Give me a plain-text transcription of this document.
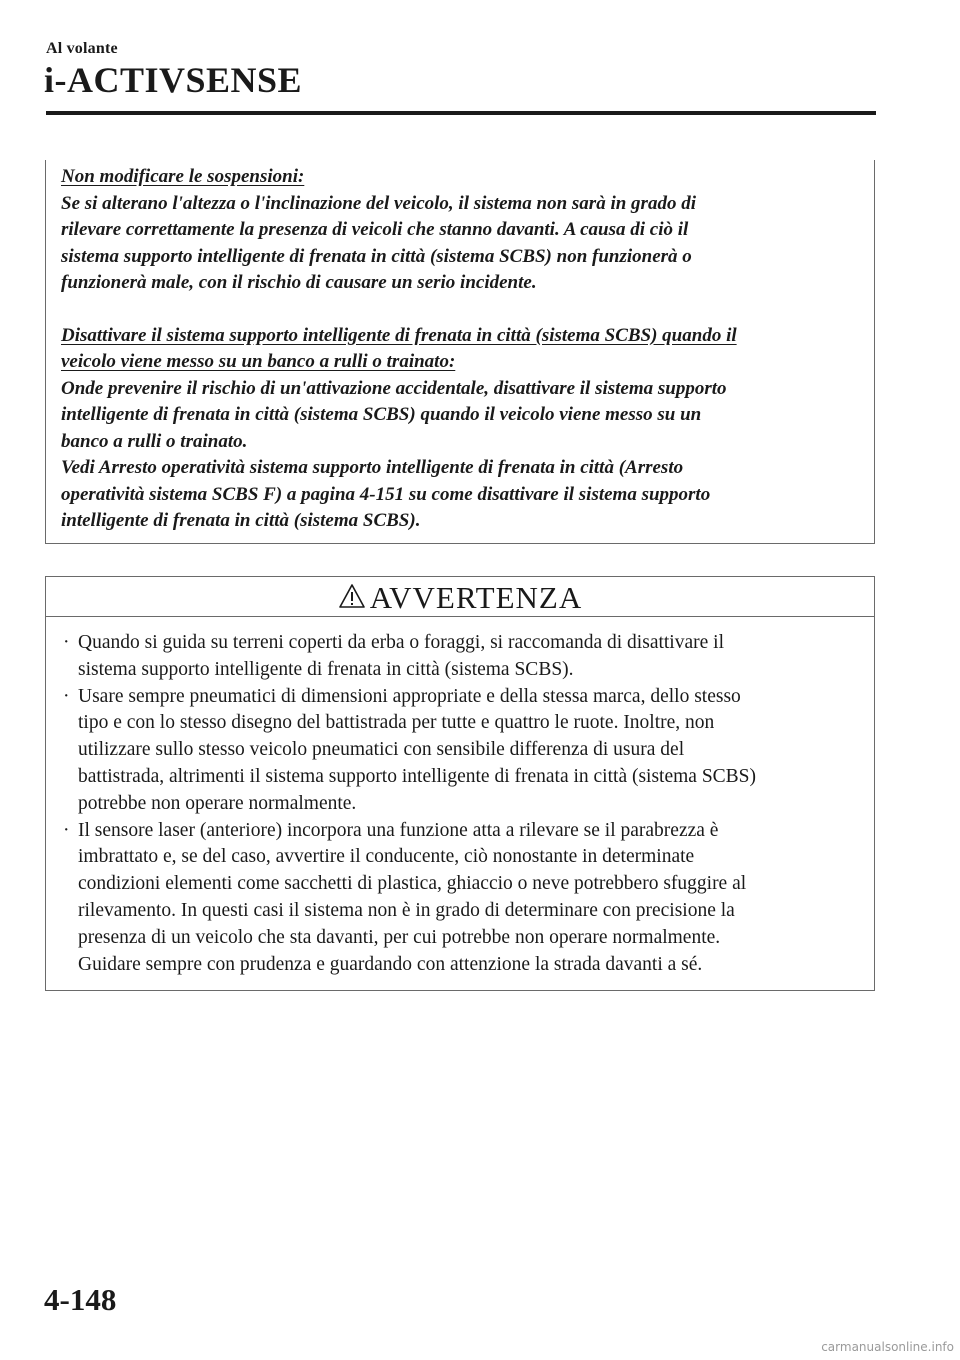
Al volante
i-ACTIVSENSE

Non modificare le sospensioni:

Se si alterano l'altezza o l'inclinazione del veicolo, il sistema non sarà in grado di

rilevare correttamente la presenza di veicoli che stanno davanti. A causa di ciò il

sistema supporto intelligente di frenata in città (sistema SCBS) non funzionerà o

funzionerà male, con il rischio di causare un serio incidente.

Disattivare il sistema supporto intelligente di frenata in città (sistema SCBS) quando il

veicolo viene messo su un banco a rulli o trainato:

Onde prevenire il rischio di un'attivazione accidentale, disattivare il sistema supporto

intelligente di frenata in città (sistema SCBS) quando il veicolo viene messo su un

banco a rulli o trainato.

Vedi Arresto operatività sistema supporto intelligente di frenata in città (Arresto

operatività sistema SCBS F) a pagina 4-151 su come disattivare il sistema supporto

intelligente di frenata in città (sistema SCBS).

AVVERTENZA
· Quando si guida su terreni coperti da erba o foraggi, si raccomanda di disattivare il
sistema supporto intelligente di frenata in città (sistema SCBS).
· Usare sempre pneumatici di dimensioni appropriate e della stessa marca, dello stesso
tipo e con lo stesso disegno del battistrada per tutte e quattro le ruote. Inoltre, non
utilizzare sullo stesso veicolo pneumatici con sensibile differenza di usura del
battistrada, altrimenti il sistema supporto intelligente di frenata in città (sistema SCBS)
potrebbe non operare normalmente.
· Il sensore laser (anteriore) incorpora una funzione atta a rilevare se il parabrezza è
imbrattato e, se del caso, avvertire il conducente, ciò nonostante in determinate
condizioni elementi come sacchetti di plastica, ghiaccio o neve potrebbero sfuggire al
rilevamento. In questi casi il sistema non è in grado di determinare con precisione la
presenza di un veicolo che sta davanti, per cui potrebbe non operare normalmente.
Guidare sempre con prudenza e guardando con attenzione la strada davanti a sé.
4-148
carmanualsonline.info
